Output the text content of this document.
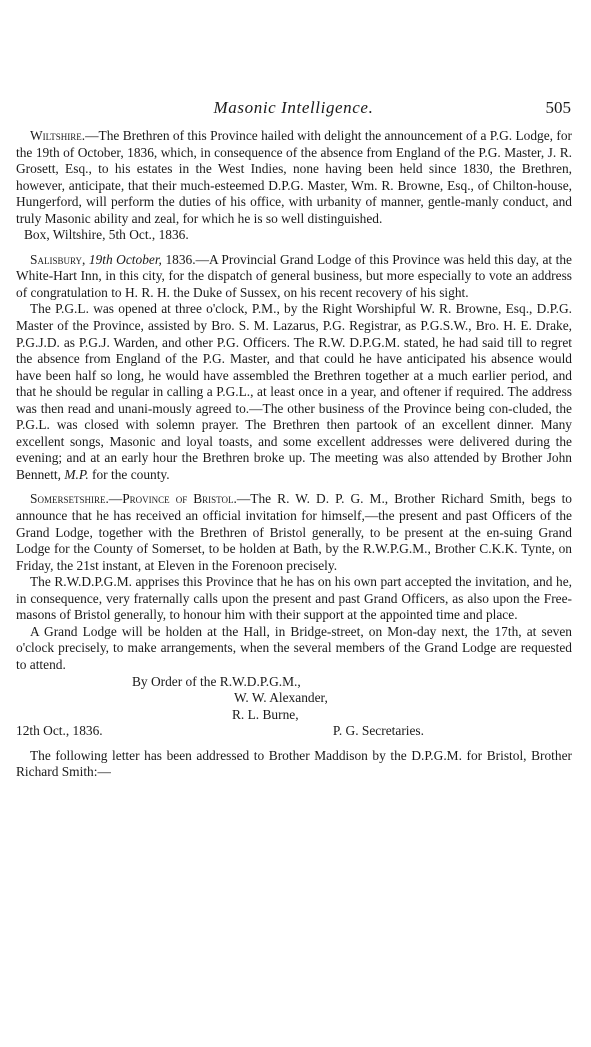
Masonic Intelligence.	505

Wiltshire.—The Brethren of this Province hailed with delight the announcement of a P.G. Lodge, for the 19th of October, 1836, which, in consequence of the absence from England of the P.G. Master, J. R. Grosett, Esq., to his estates in the West Indies, none having been held since 1830, the Brethren, however, anticipate, that their much-esteemed D.P.G. Master, Wm. R. Browne, Esq., of Chilton-house, Hungerford, will perform the duties of his office, with urbanity of manner, gentle-manly conduct, and truly Masonic ability and zeal, for which he is so well distinguished.

Box, Wiltshire, 5th Oct., 1836.

Salisbury, 19th October, 1836.—A Provincial Grand Lodge of this Province was held this day, at the White-Hart Inn, in this city, for the dispatch of general business, but more especially to vote an address of congratulation to H. R. H. the Duke of Sussex, on his recent recovery of his sight.

The P.G.L. was opened at three o'clock, P.M., by the Right Worshipful W. R. Browne, Esq., D.P.G. Master of the Province, assisted by Bro. S. M. Lazarus, P.G. Registrar, as P.G.S.W., Bro. H. E. Drake, P.G.J.D. as P.G.J. Warden, and other P.G. Officers. The R.W. D.P.G.M. stated, he had said till to regret the absence from England of the P.G. Master, and that could he have anticipated his absence would have been half so long, he would have assembled the Brethren together at a much earlier period, and that he should be regular in calling a P.G.L., at least once in a year, and oftener if required. The address was then read and unani-mously agreed to.—The other business of the Province being con-cluded, the P.G.L. was closed with solemn prayer. The Brethren then partook of an excellent dinner. Many excellent songs, Masonic and loyal toasts, and some excellent addresses were delivered during the evening; and at an early hour the Brethren broke up. The meeting was also attended by Brother John Bennett, M.P. for the county.

Somersetshire.—Province of Bristol.—The R. W. D. P. G. M., Brother Richard Smith, begs to announce that he has received an official invitation for himself,—the present and past Officers of the Grand Lodge, together with the Brethren of Bristol generally, to be present at the en-suing Grand Lodge for the County of Somerset, to be holden at Bath, by the R.W.P.G.M., Brother C.K.K. Tynte, on Friday, the 21st instant, at Eleven in the Forenoon precisely.

The R.W.D.P.G.M. apprises this Province that he has on his own part accepted the invitation, and he, in consequence, very fraternally calls upon the present and past Grand Officers, as also upon the Free-masons of Bristol generally, to honour him with their support at the appointed time and place.

A Grand Lodge will be holden at the Hall, in Bridge-street, on Mon-day next, the 17th, at seven o'clock precisely, to make arrangements, when the several members of the Grand Lodge are requested to attend.

By Order of the R.W.D.P.G.M.,

W. W. Alexander,

R. L. Burne,

12th Oct., 1836.	P. G. Secretaries.

The following letter has been addressed to Brother Maddison by the D.P.G.M. for Bristol, Brother Richard Smith:—
